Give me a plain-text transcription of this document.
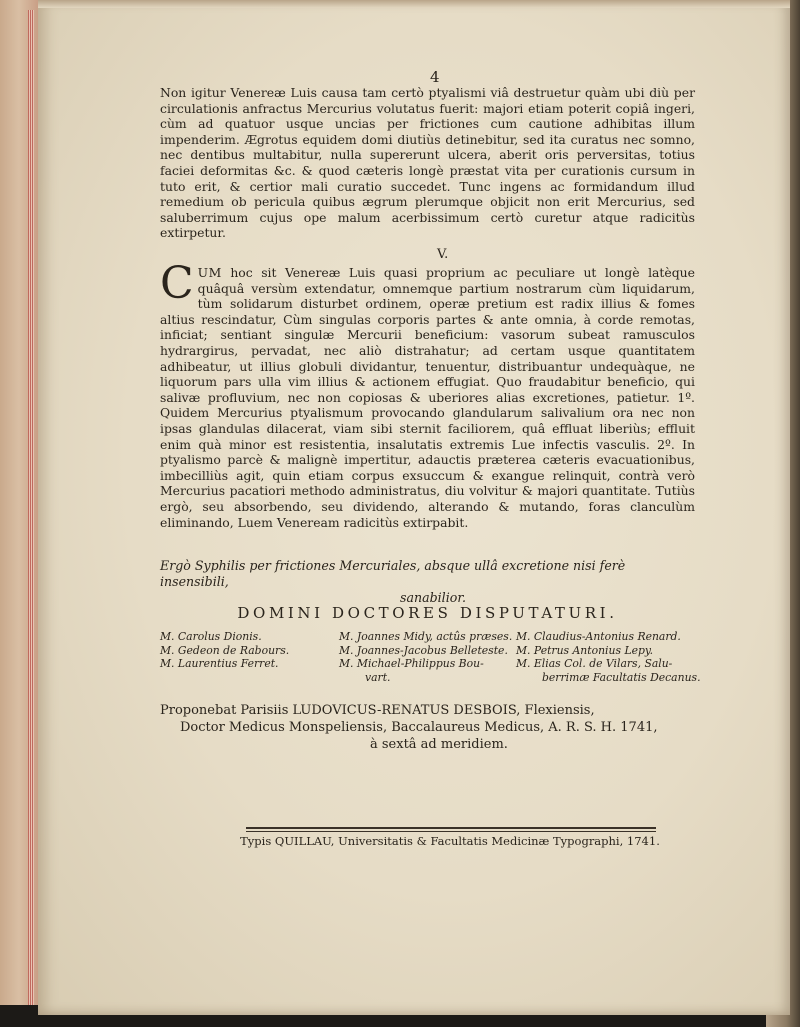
4

Non igitur Venereæ Luis causa tam certò ptyalismi viâ destruetur quàm ubi diù per circulationis anfractus Mercurius volutatus fuerit: majori etiam poterit copiâ ingeri, cùm ad quatuor usque uncias per frictiones cum cautione adhibitas illum impenderim. Ægrotus equidem domi diutiùs detinebitur, sed ita curatus nec somno, nec dentibus multabitur, nulla supererunt ulcera, aberit oris perversitas, totius faciei deformitas &c. & quod cæteris longè præstat vita per curationis cursum in tuto erit, & certior mali curatio succedet. Tunc ingens ac formidandum illud remedium ob pericula quibus ægrum plerumque objicit non erit Mercurius, sed saluberrimum cujus ope malum acerbissimum certò curetur atque radicitùs extirpetur.

V.

CUM hoc sit Venereæ Luis quasi proprium ac peculiare ut longè latèque quâquâ versùm extendatur, omnemque partium nostrarum cùm liquidarum, tùm solidarum disturbet ordinem, operæ pretium est radix illius & fomes altius rescindatur, Cùm singulas corporis partes & ante omnia, à corde remotas, inficiat; sentiant singulæ Mercurii beneficium: vasorum subeat ramusculos hydrargirus, pervadat, nec aliò distrahatur; ad certam usque quantitatem adhibeatur, ut illius globuli dividantur, tenuentur, distribuantur undequàque, ne liquorum pars ulla vim illius & actionem effugiat. Quo fraudabitur beneficio, qui salivæ profluvium, nec non copiosas & uberiores alias excretiones, patietur. 1º. Quidem Mercurius ptyalismum provocando glandularum salivalium ora nec non ipsas glandulas dilacerat, viam sibi sternit faciliorem, quâ effluat liberiùs; effluit enim quà minor est resistentia, insalutatis extremis Lue infectis vasculis. 2º. In ptyalismo parcè & malignè impertitur, adauctis præterea cæteris evacuationibus, imbecilliùs agit, quin etiam corpus exsuccum & exangue relinquit, contrà verò Mercurius pacatiori methodo administratus, diu volvitur & majori quantitate. Tutiùs ergò, seu absorbendo, seu dividendo, alterando & mutando, foras clanculùm eliminando, Luem Veneream radicitùs extirpabit.

Ergò Syphilis per frictiones Mercuriales, absque ullâ excretione nisi ferè insensibili,
sanabilior.
DOMINI DOCTORES DISPUTATURI.
M. Carolus Dionis.
M. Gedeon de Rabours.
M. Laurentius Ferret.
M. Joannes Midy, actûs præses.
M. Joannes-Jacobus Belleteste.
M. Michael-Philippus Bou-
vart.
M. Claudius-Antonius Renard.
M. Petrus Antonius Lepy.
M. Elias Col. de Vilars, Salu-
berrimæ Facultatis Decanus.
Proponebat Parisiis LUDOVICUS-RENATUS DESBOIS, Flexiensis,
Doctor Medicus Monspeliensis, Baccalaureus Medicus, A. R. S. H. 1741,
à sextâ ad meridiem.
Typis QUILLAU, Universitatis & Facultatis Medicinæ Typographi, 1741.
